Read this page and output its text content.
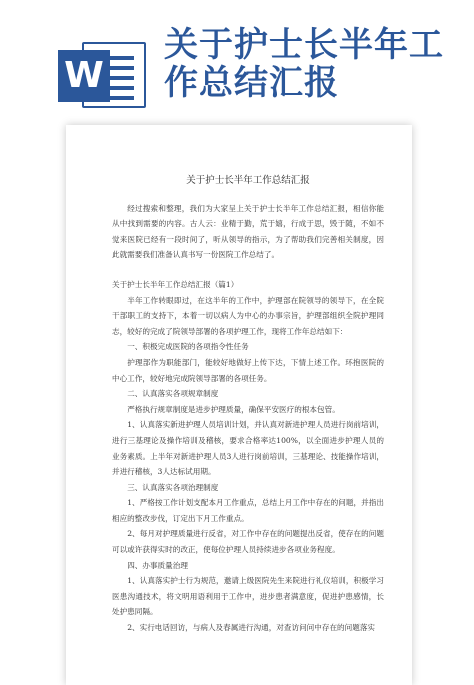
W
关于护士长半年工作总结汇报
关于护士长半年工作总结汇报

经过搜索和整理，我们为大家呈上关于护士长半年工作总结汇报，相信你能从中找到需要的内容。古人云：业精于勤，荒于嬉，行成于思，毁于随，不如不觉来医院已经有一段时间了，听从领导的指示，为了帮助我们完善相关制度，因此就需要我们准备认真书写一份医院工作总结了。

关于护士长半年工作总结汇报（篇1）

半年工作转眼即过，在这半年的工作中，护理部在院领导的领导下，在全院干部职工的支持下，本着一切以病人为中心的办事宗旨，护理部组织全院护理同志，较好的完成了院领导部署的各项护理工作，现将工作年总结如下：

一、积极完成医院的各项指令性任务

护理部作为职能部门，能较好地做好上传下达，下情上述工作。环抱医院的中心工作，较好地完成院领导部署的各项任务。

二、认真落实各项规章制度

严格执行规章制度是进步护理质量，确保平安医疗的根本包管。

1、认真落实新进护理人员培训计划，并认真对新进护理人员进行岗前培训，进行三基理论及操作培训及稽核，要求合格率达100%，以全面进步护理人员的业务素质。上半年对新进护理人员3人进行岗前培训，三基理论、技能操作培训，并进行稽核，3人达标试用期。

三、认真落实各项治理制度

1、严格按工作计划支配本月工作重点，总结上月工作中存在的问题，并指出相应的整改步伐，订定出下月工作重点。

2、每月对护理质量进行反省，对工作中存在的问题提出反省，使存在的问题可以或许获得实时的改正，使每位护理人员持续进步各项业务程度。

四、办事质量治理

1、认真落实护士行为规范，邀请上级医院先生来院进行礼仪培训，积极学习医患沟通技术，将文明用语利用于工作中，进步患者满意度，促进护患感情，长处护患同隔。

2、实行电话回访，与病人及春属进行沟通，对查访问问中存在的问题落实
